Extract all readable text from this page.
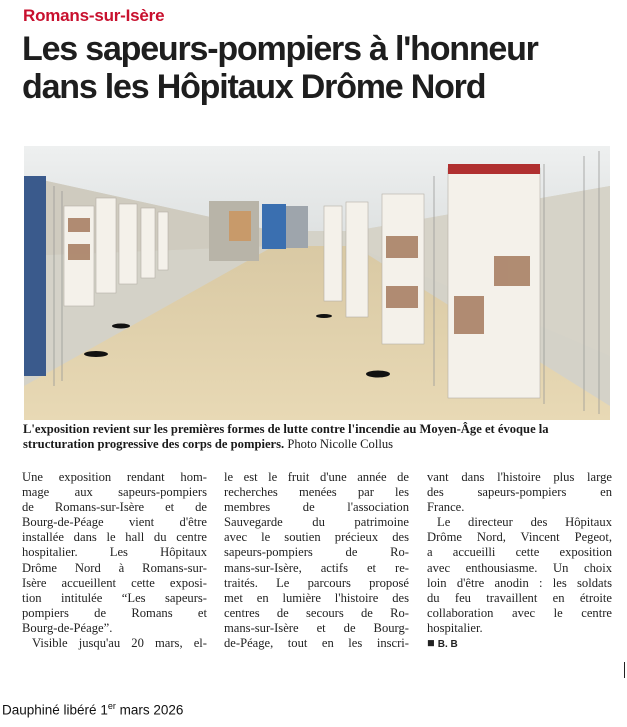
Romans-sur-Isère
Les sapeurs-pompiers à l'honneur
dans les Hôpitaux Drôme Nord
L'exposition revient sur les premières formes de lutte contre l'incendie au Moyen-Âge et évoque la structuration progressive des corps de pompiers. Photo Nicolle Collus
Une exposition rendant hom-
mage aux sapeurs-pompiers
de Romans-sur-Isère et de
Bourg-de-Péage vient d'être
installée dans le hall du centre
hospitalier. Les Hôpitaux
Drôme Nord à Romans-sur-
Isère accueillent cette exposi-
tion intitulée “Les sapeurs-
pompiers de Romans et
Bourg-de-Péage”.
Visible jusqu'au 20 mars, el-
le est le fruit d'une année de
recherches menées par les
membres de l'association
Sauvegarde du patrimoine
avec le soutien précieux des
sapeurs-pompiers de Ro-
mans-sur-Isère, actifs et re-
traités. Le parcours proposé
met en lumière l'histoire des
centres de secours de Ro-
mans-sur-Isère et de Bourg-
de-Péage, tout en les inscri-
vant dans l'histoire plus large
des sapeurs-pompiers en
France.
Le directeur des Hôpitaux
Drôme Nord, Vincent Pegeot,
a accueilli cette exposition
avec enthousiasme. Un choix
loin d'être anodin : les soldats
du feu travaillent en étroite
collaboration avec le centre
hospitalier.
■ B. B
Dauphiné libéré 1er mars 2026
